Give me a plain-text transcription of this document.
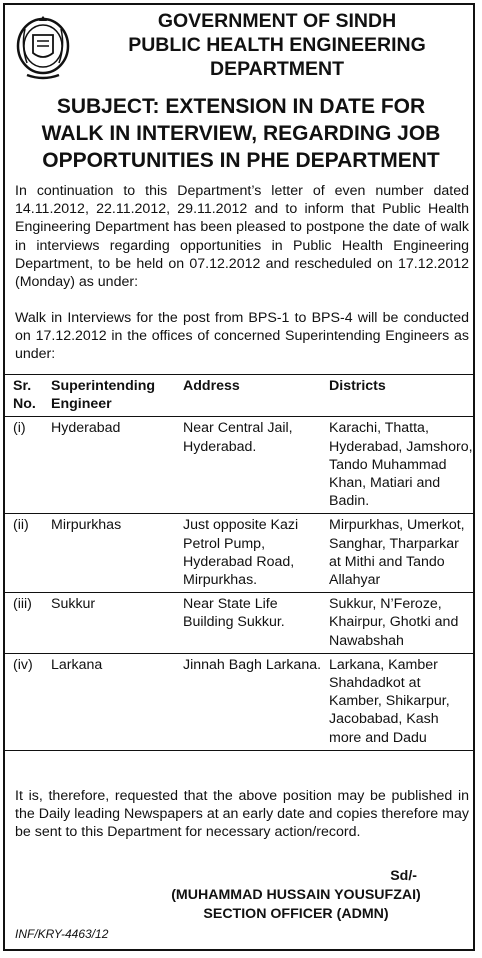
GOVERNMENT OF SINDH
PUBLIC HEALTH ENGINEERING
DEPARTMENT
SUBJECT: EXTENSION IN DATE FOR
WALK IN INTERVIEW, REGARDING JOB
OPPORTUNITIES IN PHE DEPARTMENT
In continuation to this Department’s letter of even number dated 14.11.2012, 22.11.2012, 29.11.2012 and to inform that Public Health Engineering Department has been pleased to postpone the date of walk in interviews regarding opportunities in Public Health Engineering Department, to be held on 07.12.2012 and rescheduled on 17.12.2012 (Monday) as under:
Walk in Interviews for the post from BPS-1 to BPS-4 will be conducted on 17.12.2012 in the offices of concerned Superintending Engineers as under:
Sr. No.	Superintending Engineer	Address	Districts
(i)	Hyderabad	Near Central Jail, Hyderabad.	Karachi, Thatta, Hyderabad, Jamshoro, Tando Muhammad Khan, Matiari and Badin.
(ii)	Mirpurkhas	Just opposite Kazi Petrol Pump, Hyderabad Road, Mirpurkhas.	Mirpurkhas, Umerkot, Sanghar, Tharparkar at Mithi and Tando Allahyar
(iii)	Sukkur	Near State Life Building Sukkur.	Sukkur, N’Feroze, Khairpur, Ghotki and Nawabshah
(iv)	Larkana	Jinnah Bagh Larkana.	Larkana, Kamber Shahdadkot at Kamber, Shikarpur, Jacobabad, Kash more and Dadu
It is, therefore, requested that the above position may be published in the Daily leading Newspapers at an early date and copies therefore may be sent to this Department for necessary action/record.
Sd/-
(MUHAMMAD HUSSAIN YOUSUFZAI)
SECTION OFFICER (ADMN)
INF/KRY-4463/12
